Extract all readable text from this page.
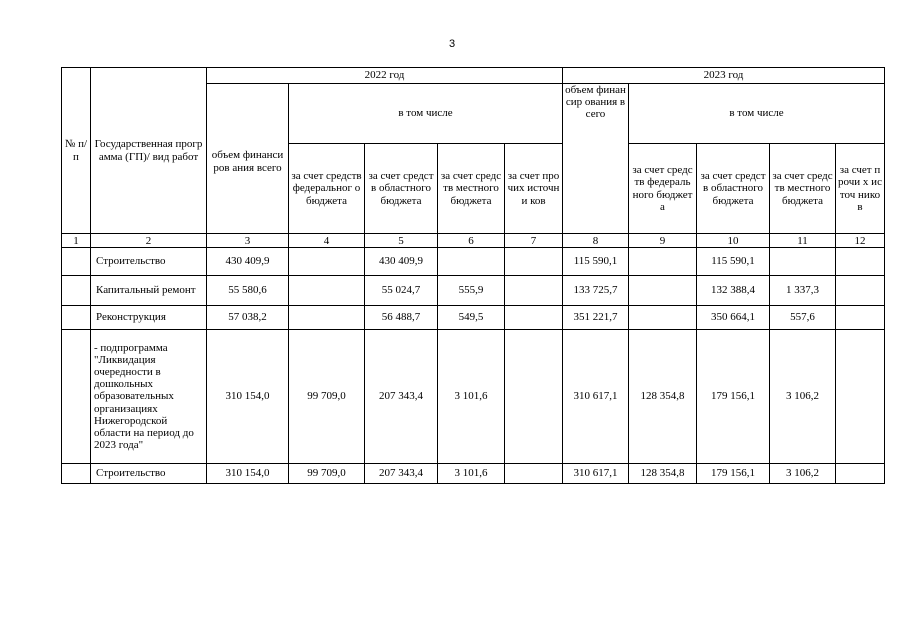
3
№ п/п	Государственная программа (ГП)/ вид работ	2022 год					2023 год				
		объем финансиров ания всего	в том числе				объем финансир ования всего	в том числе			
			за счет средств федеральног о бюджета	за счет средств областного бюджета	за счет средств местного бюджета	за счет прочих источни ков		за счет средств федераль ного бюджета	за счет средств областного бюджета	за счет средств местного бюджета	за счет прочи х источ ников
1	2	3	4	5	6	7	8	9	10	11	12
	Строительство	430 409,9		430 409,9			115 590,1		115 590,1		
	Капитальный ремонт	55 580,6		55 024,7	555,9		133 725,7		132 388,4	1 337,3	
	Реконструкция	57 038,2		56 488,7	549,5		351 221,7		350 664,1	557,6	
	- подпрограмма "Ликвидация очередности в дошкольных образовательных организациях Нижегородской области на период до 2023 года"	310 154,0	99 709,0	207 343,4	3 101,6		310 617,1	128 354,8	179 156,1	3 106,2	
	Строительство	310 154,0	99 709,0	207 343,4	3 101,6		310 617,1	128 354,8	179 156,1	3 106,2	
